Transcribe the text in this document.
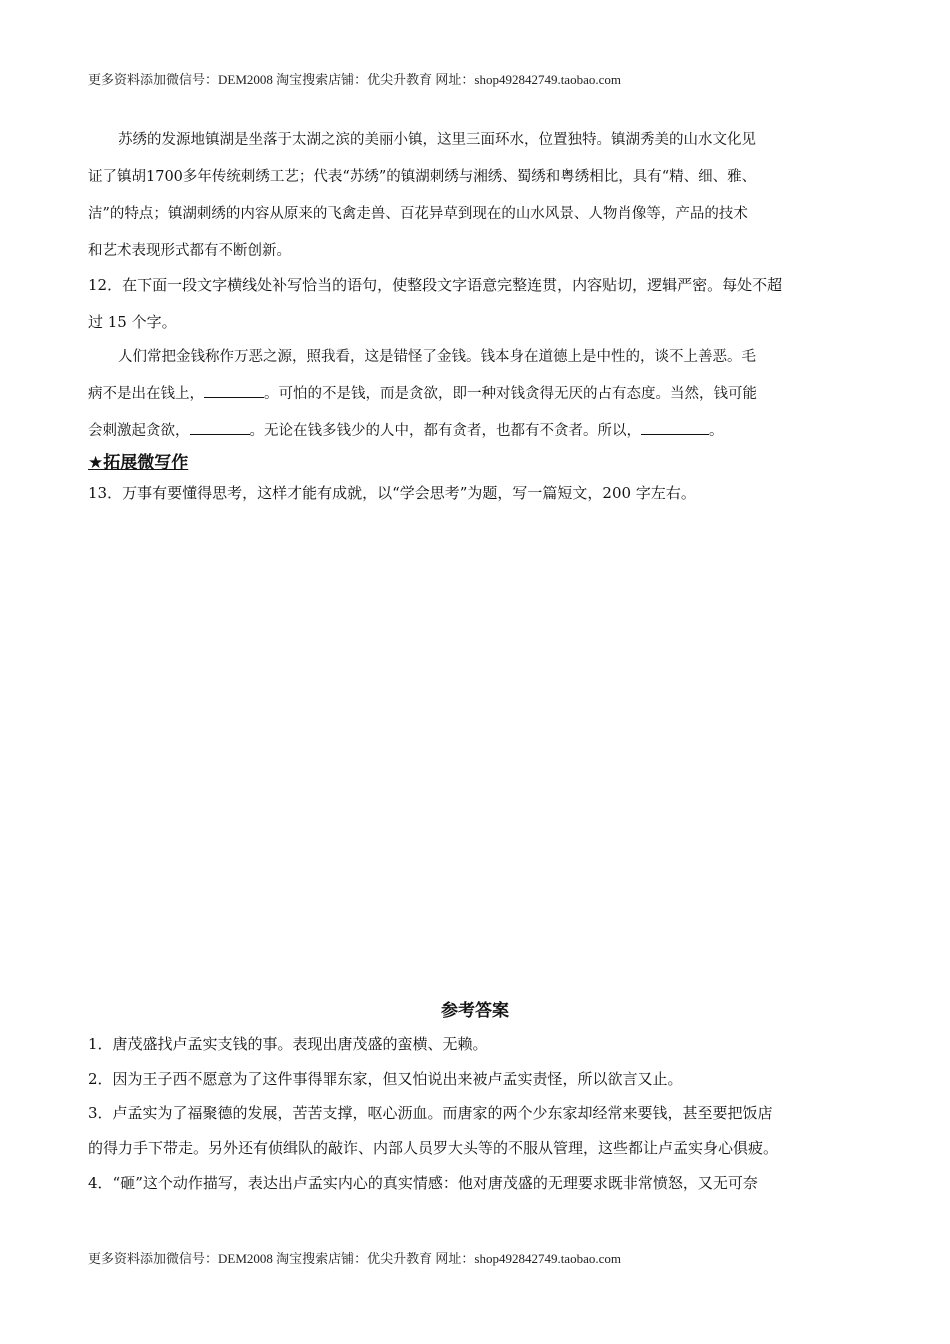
更多资料添加微信号：DEM2008 淘宝搜索店铺：优尖升教育 网址：shop492842749.taobao.com
苏绣的发源地镇湖是坐落于太湖之滨的美丽小镇，这里三面环水，位置独特。镇湖秀美的山水文化见
证了镇胡1700多年传统刺绣工艺；代表“苏绣”的镇湖刺绣与湘绣、蜀绣和粤绣相比，具有“精、细、雅、
洁”的特点；镇湖刺绣的内容从原来的飞禽走兽、百花异草到现在的山水风景、人物肖像等，产品的技术
和艺术表现形式都有不断创新。
12．在下面一段文字横线处补写恰当的语句，使整段文字语意完整连贯，内容贴切，逻辑严密。每处不超
过 15 个字。
人们常把金钱称作万恶之源，照我看，这是错怪了金钱。钱本身在道德上是中性的，谈不上善恶。毛
病不是出在钱上，	。可怕的不是钱，而是贪欲，即一种对钱贪得无厌的占有态度。当然，钱可能
会刺激起贪欲，	。无论在钱多钱少的人中，都有贪者，也都有不贪者。所以，	。
★拓展微写作
13．万事有要懂得思考，这样才能有成就，以“学会思考”为题，写一篇短文，200 字左右。
参考答案
1．唐茂盛找卢孟实支钱的事。表现出唐茂盛的蛮横、无赖。
2．因为王子西不愿意为了这件事得罪东家，但又怕说出来被卢孟实责怪，所以欲言又止。
3．卢孟实为了福聚德的发展，苦苦支撑，呕心沥血。而唐家的两个少东家却经常来要钱，甚至要把饭店
的得力手下带走。另外还有侦缉队的敲诈、内部人员罗大头等的不服从管理，这些都让卢孟实身心俱疲。
4．“砸”这个动作描写，表达出卢孟实内心的真实情感：他对唐茂盛的无理要求既非常愤怒，又无可奈
更多资料添加微信号：DEM2008 淘宝搜索店铺：优尖升教育 网址：shop492842749.taobao.com
